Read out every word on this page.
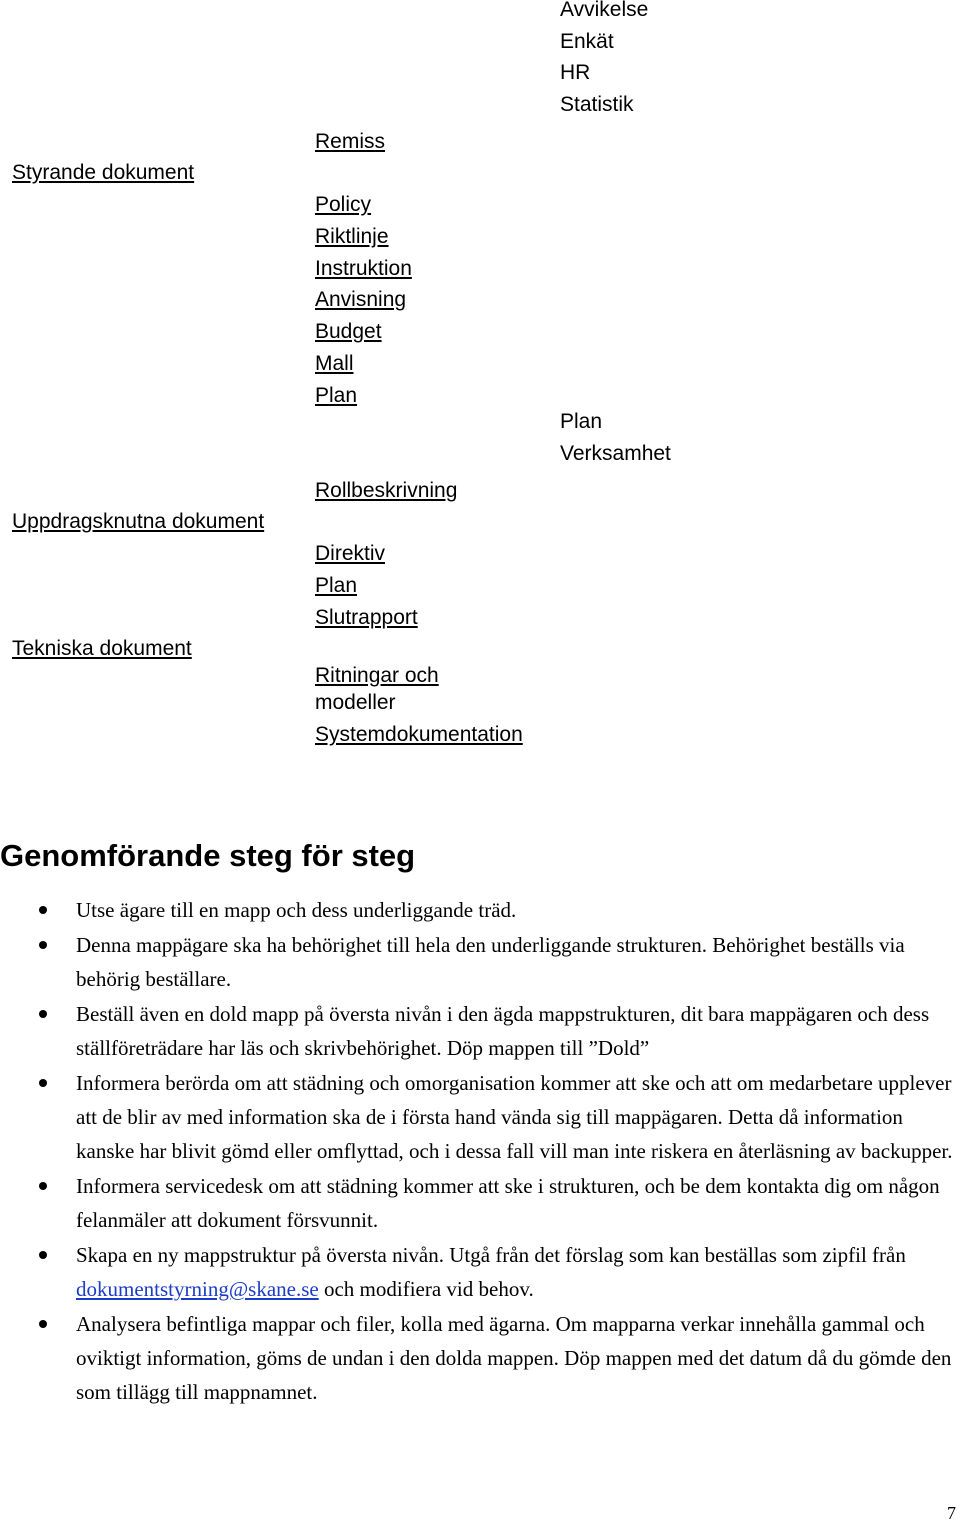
Styrande dokument
Uppdragsknutna dokument
Tekniska dokument
Remiss
Policy
Riktlinje
Instruktion
Anvisning
Budget
Mall
Plan
Rollbeskrivning
Direktiv
Plan
Slutrapport
Ritningar och
modeller
Systemdokumentation
Avvikelse
Enkät
HR
Statistik
Plan
Verksamhet
Genomförande steg för steg
Utse ägare till en mapp och dess underliggande träd.
Denna mappägare ska ha behörighet till hela den underliggande strukturen. Behörighet beställs via behörig beställare.
Beställ även en dold mapp på översta nivån i den ägda mappstrukturen, dit bara mappägaren och dess ställföreträdare har läs och skrivbehörighet. Döp mappen till ”Dold”
Informera berörda om att städning och omorganisation kommer att ske och att om medarbetare upplever att de blir av med information ska de i första hand vända sig till mappägaren. Detta då information kanske har blivit gömd eller omflyttad, och i dessa fall vill man inte riskera en återläsning av backupper.
Informera servicedesk om att städning kommer att ske i strukturen, och be dem kontakta dig om någon felanmäler att dokument försvunnit.
Skapa en ny mappstruktur på översta nivån. Utgå från det förslag som kan beställas som zipfil från dokumentstyrning@skane.se och modifiera vid behov.
Analysera befintliga mappar och filer, kolla med ägarna. Om mapparna verkar innehålla gammal och oviktigt information, göms de undan i den dolda mappen. Döp mappen med det datum då du gömde den som tillägg till mappnamnet.
7
